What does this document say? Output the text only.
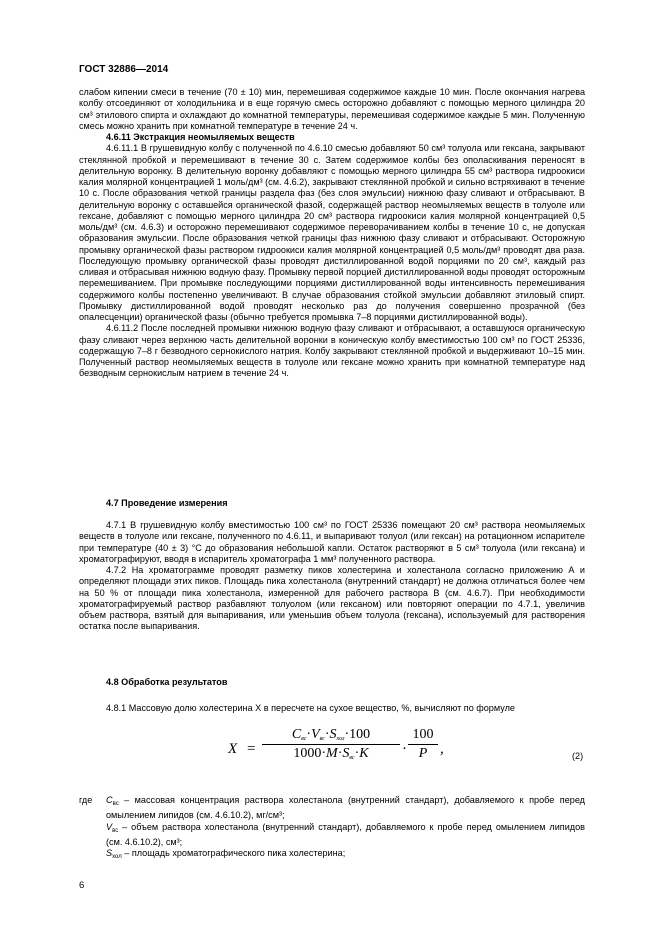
ГОСТ 32886—2014

слабом кипении смеси в течение (70 ± 10) мин, перемешивая содержимое каждые 10 мин. После окончания нагрева колбу отсоединяют от холодильника и в еще горячую смесь осторожно добавляют с помощью мерного цилиндра 20 см³ этилового спирта и охлаждают до комнатной температуры, перемешивая содержимое каждые 5 мин. Полученную смесь можно хранить при комнатной температуре в течение 24 ч.

4.6.11 Экстракция неомыляемых веществ

4.6.11.1 В грушевидную колбу с полученной по 4.6.10 смесью добавляют 50 см³ толуола или гексана, закрывают стеклянной пробкой и перемешивают в течение 30 с. Затем содержимое колбы без ополаскивания переносят в делительную воронку. В делительную воронку добавляют с помощью мерного цилиндра 55 см³ раствора гидроокиси калия молярной концентрацией 1 моль/дм³ (см. 4.6.2), закрывают стеклянной пробкой и сильно встряхивают в течение 10 с. После образования четкой границы раздела фаз (без слоя эмульсии) нижнюю фазу сливают и отбрасывают. В делительную воронку с оставшейся органической фазой, содержащей раствор неомыляемых веществ в толуоле или гексане, добавляют с помощью мерного цилиндра 20 см³ раствора гидроокиси калия молярной концентрацией 0,5 моль/дм³ (см. 4.6.3) и осторожно перемешивают содержимое переворачиванием колбы в течение 10 с, не допуская образования эмульсии. После образования четкой границы фаз нижнюю фазу сливают и отбрасывают. Осторожную промывку органической фазы раствором гидроокиси калия молярной концентрацией 0,5 моль/дм³ проводят два раза. Последующую промывку органической фазы проводят дистиллированной водой порциями по 20 см³, каждый раз сливая и отбрасывая нижнюю водную фазу. Промывку первой порцией дистиллированной воды проводят осторожным перемешиванием. При промывке последующими порциями дистиллированной воды интенсивность перемешивания содержимого колбы постепенно увеличивают. В случае образования стойкой эмульсии добавляют этиловый спирт. Промывку дистиллированной водой проводят несколько раз до получения совершенно прозрачной (без опалесценции) органической фазы (обычно требуется промывка 7–8 порциями дистиллированной воды).

4.6.11.2 После последней промывки нижнюю водную фазу сливают и отбрасывают, а оставшуюся органическую фазу сливают через верхнюю часть делительной воронки в коническую колбу вместимостью 100 см³ по ГОСТ 25336, содержащую 7–8 г безводного сернокислого натрия. Колбу закрывают стеклянной пробкой и выдерживают 10–15 мин. Полученный раствор неомыляемых веществ в толуоле или гексане можно хранить при комнатной температуре над безводным сернокислым натрием в течение 24 ч.

4.7 Проведение измерения

4.7.1 В грушевидную колбу вместимостью 100 см³ по ГОСТ 25336 помещают 20 см³ раствора неомыляемых веществ в толуоле или гексане, полученного по 4.6.11, и выпаривают толуол (или гексан) на ротационном испарителе при температуре (40 ± 3) °С до образования небольшой капли. Остаток растворяют в 5 см³ толуола (или гексана) и хроматографируют, вводя в испаритель хроматографа 1 мм³ полученного раствора.

4.7.2 На хроматограмме проводят разметку пиков холестерина и холестанола согласно приложению А и определяют площади этих пиков. Площадь пика холестанола (внутренний стандарт) не должна отличаться более чем на 50 % от площади пика холестанола, измеренной для рабочего раствора В (см. 4.6.7). При необходимости хроматографируемый раствор разбавляют толуолом (или гексаном) или повторяют операции по 4.7.1, увеличив объем раствора, взятый для выпаривания, или уменьшив объем толуола (гексана), используемый для растворения остатка после выпаривания.

4.8 Обработка результатов
4.8.1 Массовую долю холестерина X в пересчете на сухое вещество, %, вычисляют по формуле
X =
$C_{вс}\cdot V_{вс}\cdot S_{хол}\cdot 100$
$1000\cdot M\cdot S_{вс}\cdot K$	·
100
P ,	(2)
где $C_{вс}$ – массовая концентрация раствора холестанола (внутренний стандарт), добавляемого к пробе перед омылением липидов (см. 4.6.10.2), мг/см³;
$V_{вс}$ – объем раствора холестанола (внутренний стандарт), добавляемого к пробе перед омылением липидов (см. 4.6.10.2), см³;
$S_{хол}$ – площадь хроматографического пика холестерина;
6
